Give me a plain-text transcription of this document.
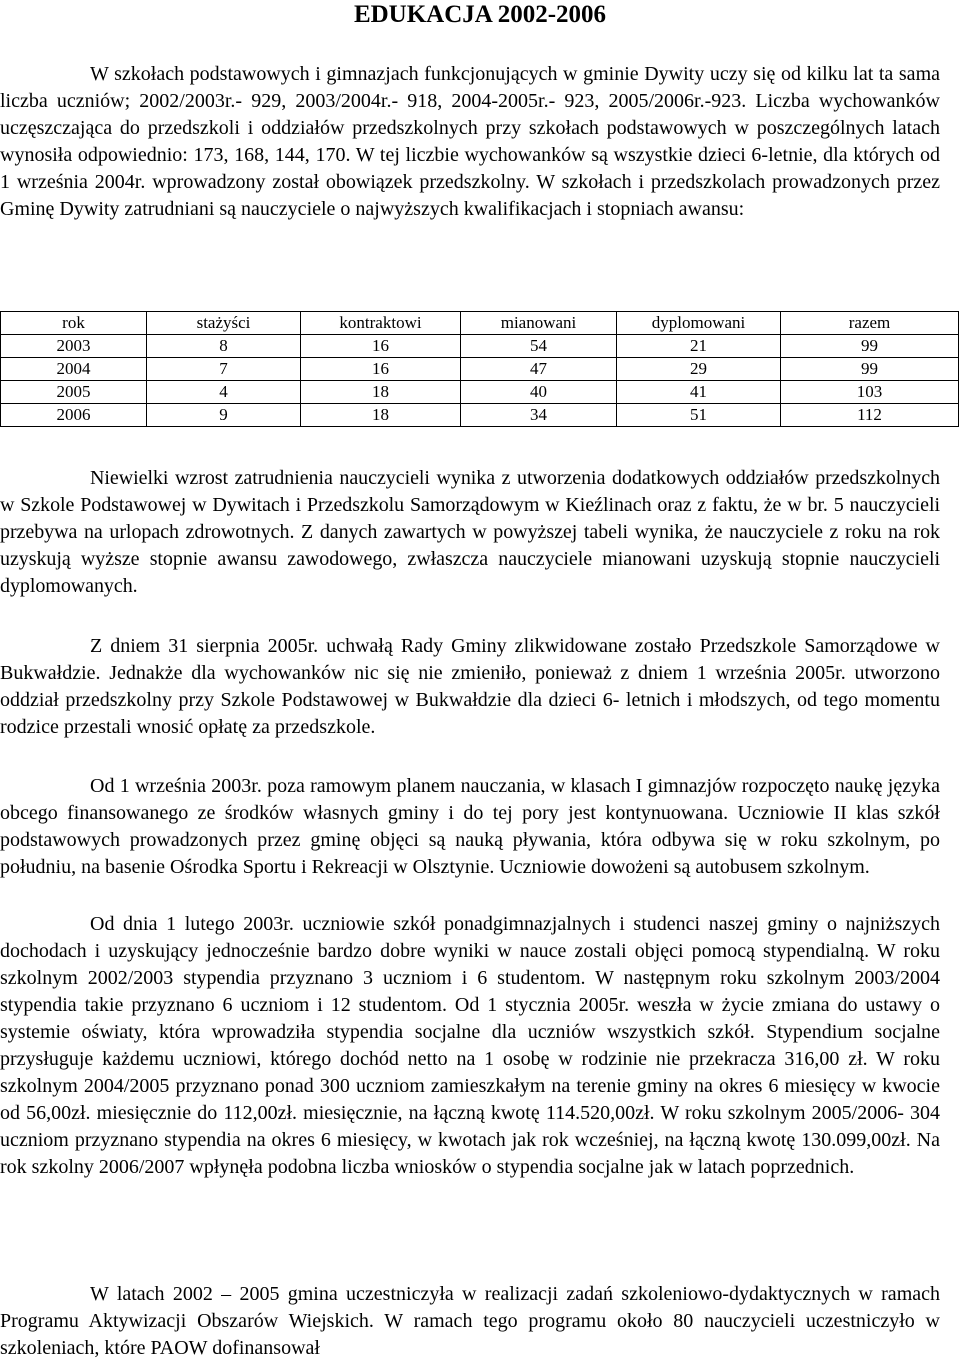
EDUKACJA 2002-2006

W szkołach podstawowych i gimnazjach funkcjonujących w gminie Dywity uczy się od kilku lat ta sama liczba uczniów; 2002/2003r.- 929, 2003/2004r.- 918, 2004-2005r.- 923, 2005/2006r.-923. Liczba wychowanków uczęszczająca do przedszkoli i oddziałów przedszkolnych przy szkołach podstawowych w poszczególnych latach wynosiła odpowiednio: 173, 168, 144, 170. W tej liczbie wychowanków są wszystkie dzieci 6-letnie, dla których od 1 września 2004r. wprowadzony został obowiązek przedszkolny. W szkołach i przedszkolach prowadzonych przez Gminę Dywity zatrudniani są nauczyciele o najwyższych kwalifikacjach i stopniach awansu:

rok	stażyści	kontraktowi	mianowani	dyplomowani	razem
2003	8	16	54	21	99
2004	7	16	47	29	99
2005	4	18	40	41	103
2006	9	18	34	51	112

Niewielki wzrost zatrudnienia nauczycieli wynika z utworzenia dodatkowych oddziałów przedszkolnych w Szkole Podstawowej w Dywitach i Przedszkolu Samorządowym w Kieźlinach oraz z faktu, że w br. 5 nauczycieli przebywa na urlopach zdrowotnych. Z danych zawartych w powyższej tabeli wynika, że nauczyciele z roku na rok uzyskują wyższe stopnie awansu zawodowego, zwłaszcza nauczyciele mianowani uzyskują stopnie nauczycieli dyplomowanych.

Z dniem 31 sierpnia 2005r. uchwałą Rady Gminy zlikwidowane zostało Przedszkole Samorządowe w Bukwałdzie. Jednakże dla wychowanków nic się nie zmieniło, ponieważ z dniem 1 września 2005r. utworzono oddział przedszkolny przy Szkole Podstawowej w Bukwałdzie dla dzieci 6- letnich i młodszych, od tego momentu rodzice przestali wnosić opłatę za przedszkole.

Od 1 września 2003r. poza ramowym planem nauczania, w klasach I gimnazjów rozpoczęto naukę języka obcego finansowanego ze środków własnych gminy i do tej pory jest kontynuowana. Uczniowie II klas szkół podstawowych prowadzonych przez gminę objęci są nauką pływania, która odbywa się w roku szkolnym, po południu, na basenie Ośrodka Sportu i Rekreacji w Olsztynie. Uczniowie dowożeni są autobusem szkolnym.

Od dnia 1 lutego 2003r. uczniowie szkół ponadgimnazjalnych i studenci naszej gminy o najniższych dochodach i uzyskujący jednocześnie bardzo dobre wyniki w nauce zostali objęci pomocą stypendialną. W roku szkolnym 2002/2003 stypendia przyznano 3 uczniom i 6 studentom. W następnym roku szkolnym 2003/2004 stypendia takie przyznano 6 uczniom i 12 studentom. Od 1 stycznia 2005r. weszła w życie zmiana do ustawy o systemie oświaty, która wprowadziła stypendia socjalne dla uczniów wszystkich szkół. Stypendium socjalne przysługuje każdemu uczniowi, którego dochód netto na 1 osobę w rodzinie nie przekracza 316,00 zł. W roku szkolnym 2004/2005 przyznano ponad 300 uczniom zamieszkałym na terenie gminy na okres 6 miesięcy w kwocie od 56,00zł. miesięcznie do 112,00zł. miesięcznie, na łączną kwotę 114.520,00zł. W roku szkolnym 2005/2006- 304 uczniom przyznano stypendia na okres 6 miesięcy, w kwotach jak rok wcześniej, na łączną kwotę 130.099,00zł. Na rok szkolny 2006/2007 wpłynęła podobna liczba wniosków o stypendia socjalne jak w latach poprzednich.

W latach 2002 – 2005 gmina uczestniczyła w realizacji zadań szkoleniowo-dydaktycznych w ramach Programu Aktywizacji Obszarów Wiejskich. W ramach tego programu około 80 nauczycieli uczestniczyło w szkoleniach, które PAOW dofinansował
